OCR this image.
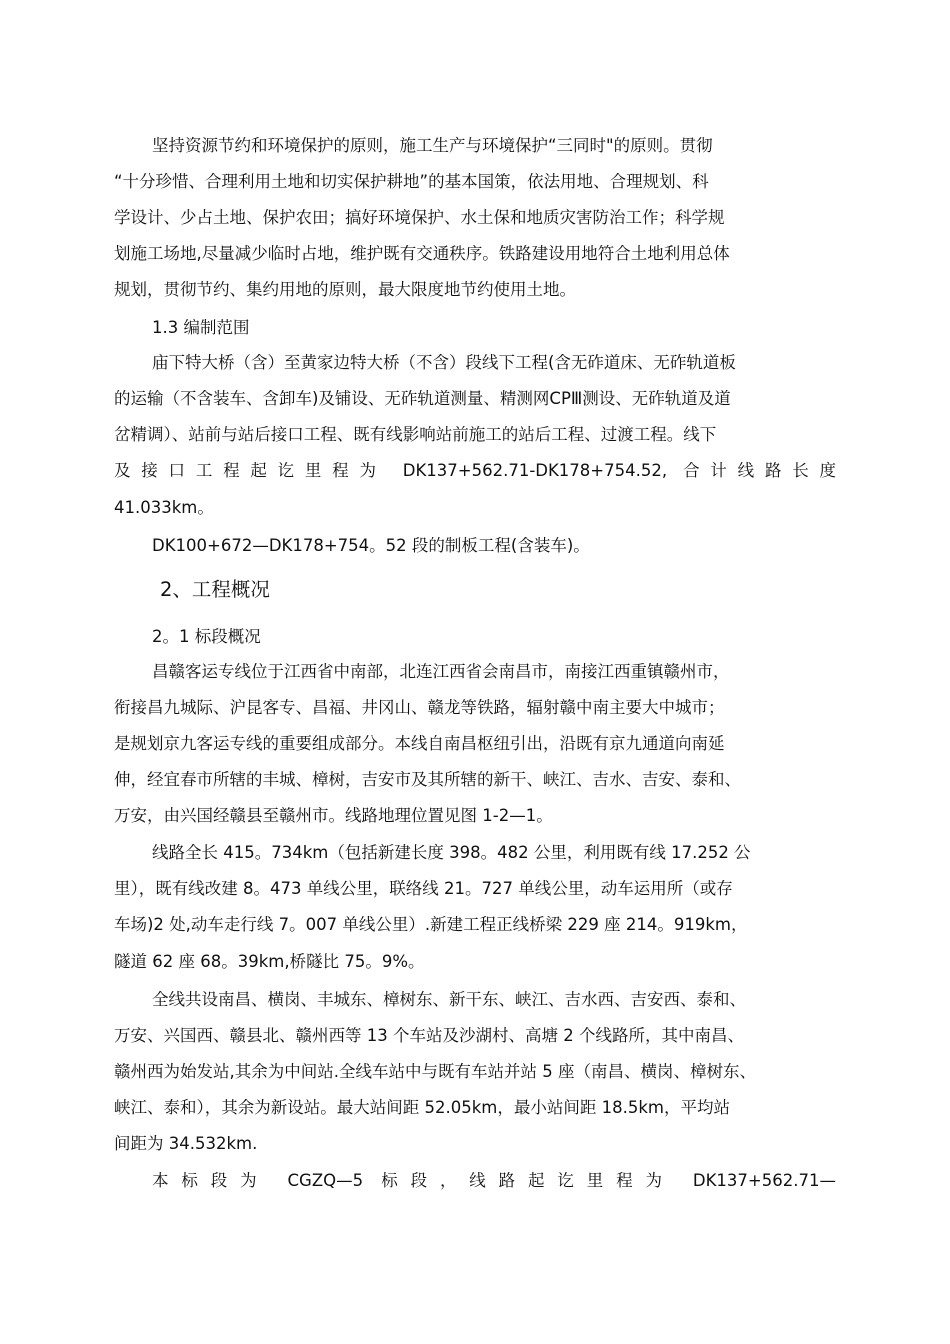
坚持资源节约和环境保护的原则，施工生产与环境保护“三同时"的原则。贯彻
“十分珍惜、合理利用土地和切实保护耕地”的基本国策，依法用地、合理规划、科
学设计、少占土地、保护农田；搞好环境保护、水土保和地质灾害防治工作；科学规
划施工场地,尽量减少临时占地，维护既有交通秩序。铁路建设用地符合土地利用总体
规划，贯彻节约、集约用地的原则，最大限度地节约使用土地。
1.3 编制范围
庙下特大桥（含）至黄家边特大桥（不含）段线下工程(含无砟道床、无砟轨道板
的运输（不含装车、含卸车)及铺设、无砟轨道测量、精测网CPⅢ测设、无砟轨道及道
岔精调）、站前与站后接口工程、既有线影响站前施工的站后工程、过渡工程。线下
及接口工程起讫里程为 DK137+562.71-DK178+754.52, 合计线路长度
41.033km。
DK100+672—DK178+754。52 段的制板工程(含装车)。
2、工程概况
2。1 标段概况
昌赣客运专线位于江西省中南部，北连江西省会南昌市，南接江西重镇赣州市，
衔接昌九城际、沪昆客专、昌福、井冈山、赣龙等铁路，辐射赣中南主要大中城市；
是规划京九客运专线的重要组成部分。本线自南昌枢纽引出，沿既有京九通道向南延
伸，经宜春市所辖的丰城、樟树，吉安市及其所辖的新干、峡江、吉水、吉安、泰和、
万安，由兴国经赣县至赣州市。线路地理位置见图 1-2—1。
线路全长 415。734km（包括新建长度 398。482 公里，利用既有线 17.252 公
里），既有线改建 8。473 单线公里，联络线 21。727 单线公里，动车运用所（或存
车场)2 处,动车走行线 7。007 单线公里）.新建工程正线桥梁 229 座 214。919km，
隧道 62 座 68。39km,桥隧比 75。9%。
全线共设南昌、横岗、丰城东、樟树东、新干东、峡江、吉水西、吉安西、泰和、
万安、兴国西、赣县北、赣州西等 13 个车站及沙湖村、高塘 2 个线路所，其中南昌、
赣州西为始发站,其余为中间站.全线车站中与既有车站并站 5 座（南昌、横岗、樟树东、
峡江、泰和），其余为新设站。最大站间距 52.05km，最小站间距 18.5km，平均站
间距为 34.532km.
本标段为 CGZQ—5 标段，线路起讫里程为 DK137+562.71—
